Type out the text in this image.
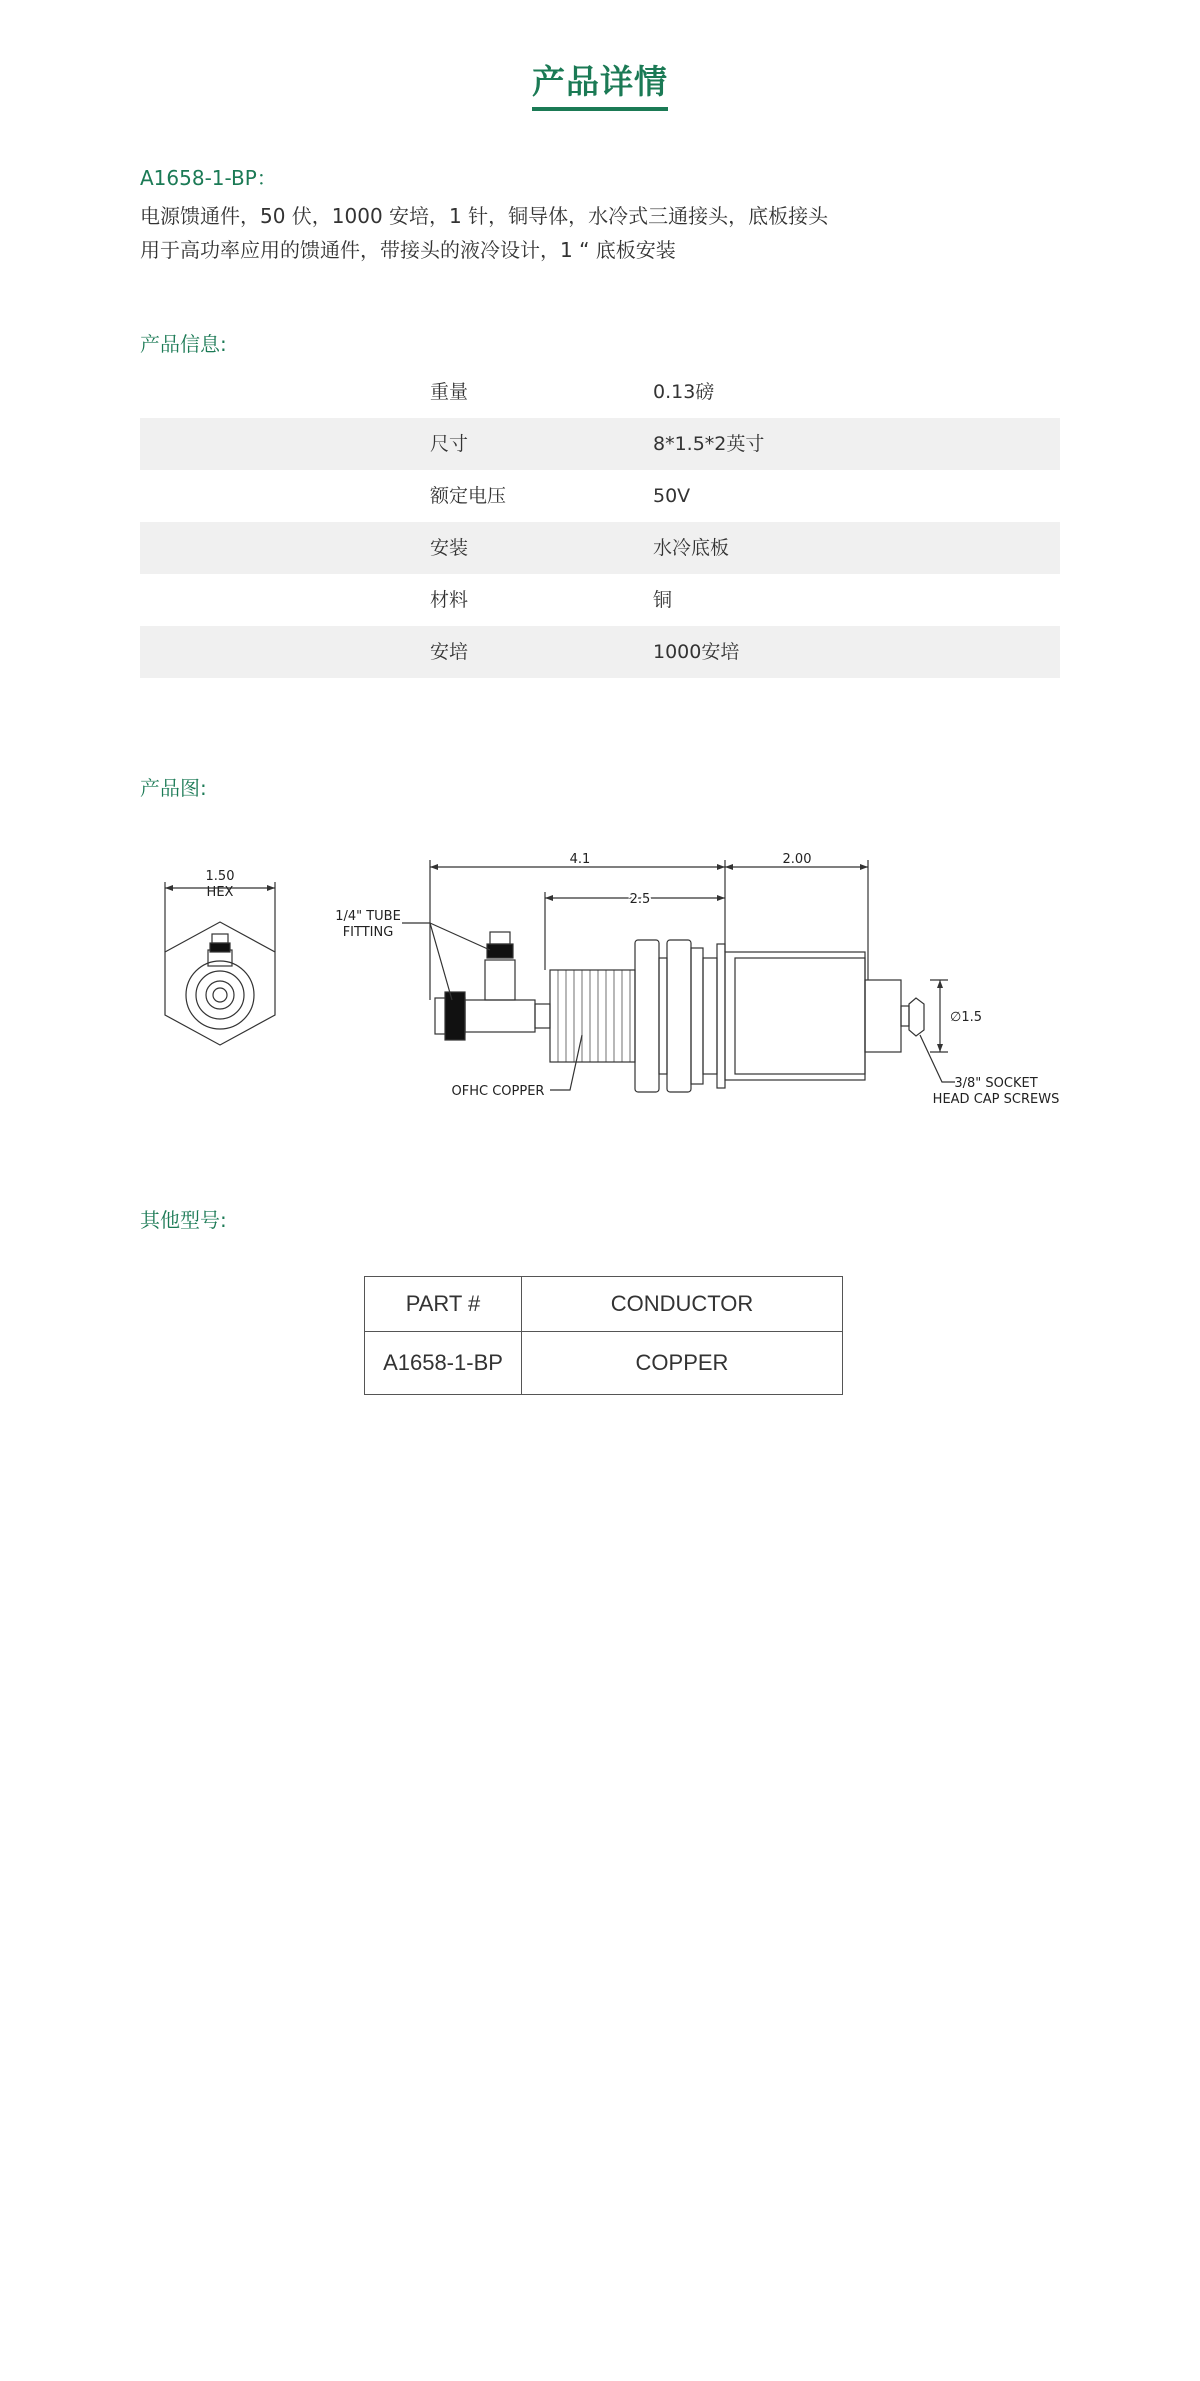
产品详情
A1658-1-BP：
电源馈通件，50 伏，1000 安培，1 针，铜导体，水冷式三通接头，底板接头
用于高功率应用的馈通件，带接头的液冷设计，1 “ 底板安装
产品信息:
重量	0.13磅
尺寸	8*1.5*2英寸
额定电压	50V
安装	水冷底板
材料	铜
安培	1000安培
产品图:
1.50
HEX
1/4" TUBE
FITTING
4.1
2.5
2.00
∅1.5
OFHC COPPER
3/8" SOCKET
HEAD CAP SCREWS
其他型号:
PART #	CONDUCTOR
A1658-1-BP	COPPER
